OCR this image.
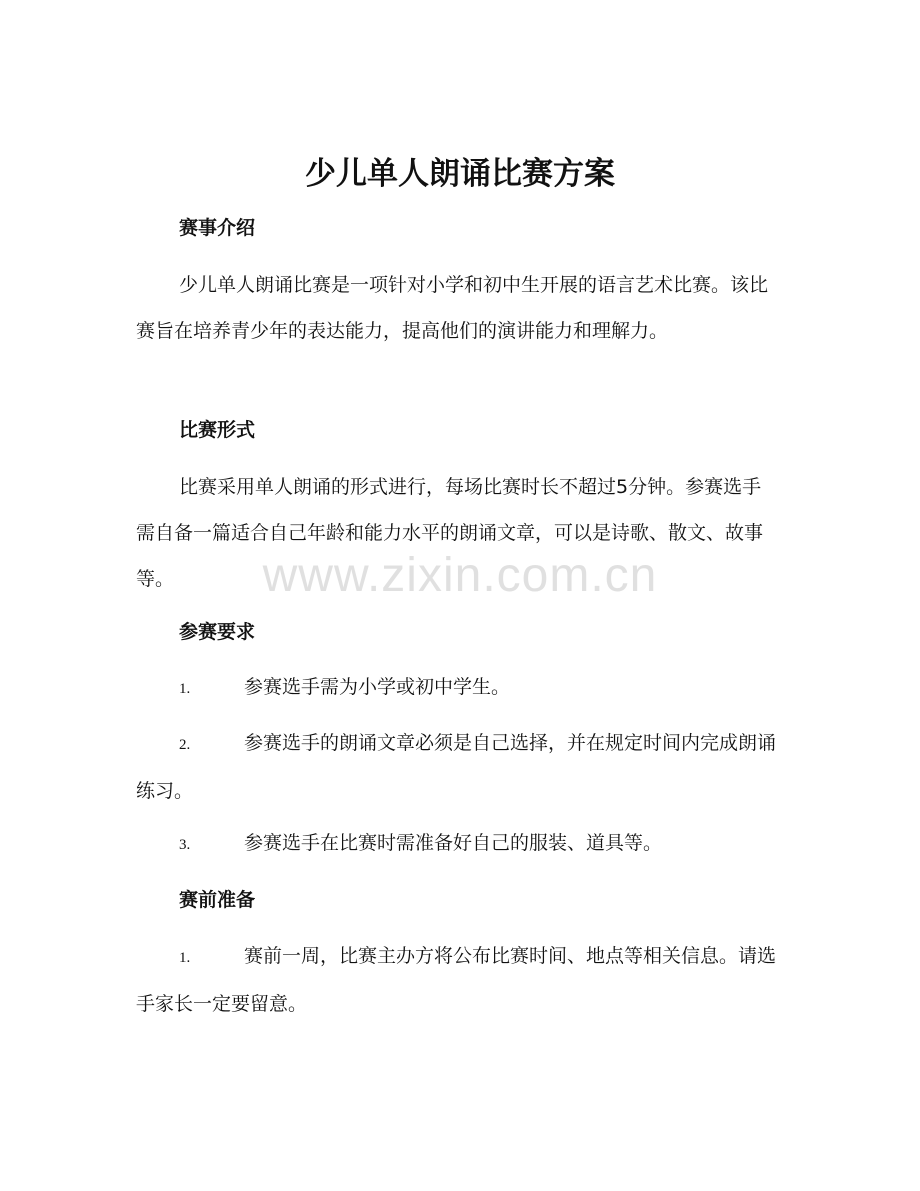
少儿单人朗诵比赛方案
赛事介绍

少儿单人朗诵比赛是一项针对小学和初中生开展的语言艺术比赛。该比赛旨在培养青少年的表达能力，提高他们的演讲能力和理解力。

比赛形式

比赛采用单人朗诵的形式进行，每场比赛时长不超过5分钟。参赛选手需自备一篇适合自己年龄和能力水平的朗诵文章，可以是诗歌、散文、故事等。

参赛要求

1.	参赛选手需为小学或初中学生。

2.	参赛选手的朗诵文章必须是自己选择，并在规定时间内完成朗诵练习。

3.	参赛选手在比赛时需准备好自己的服装、道具等。

赛前准备

1.	赛前一周，比赛主办方将公布比赛时间、地点等相关信息。请选手家长一定要留意。

www.zixin.com.cn
